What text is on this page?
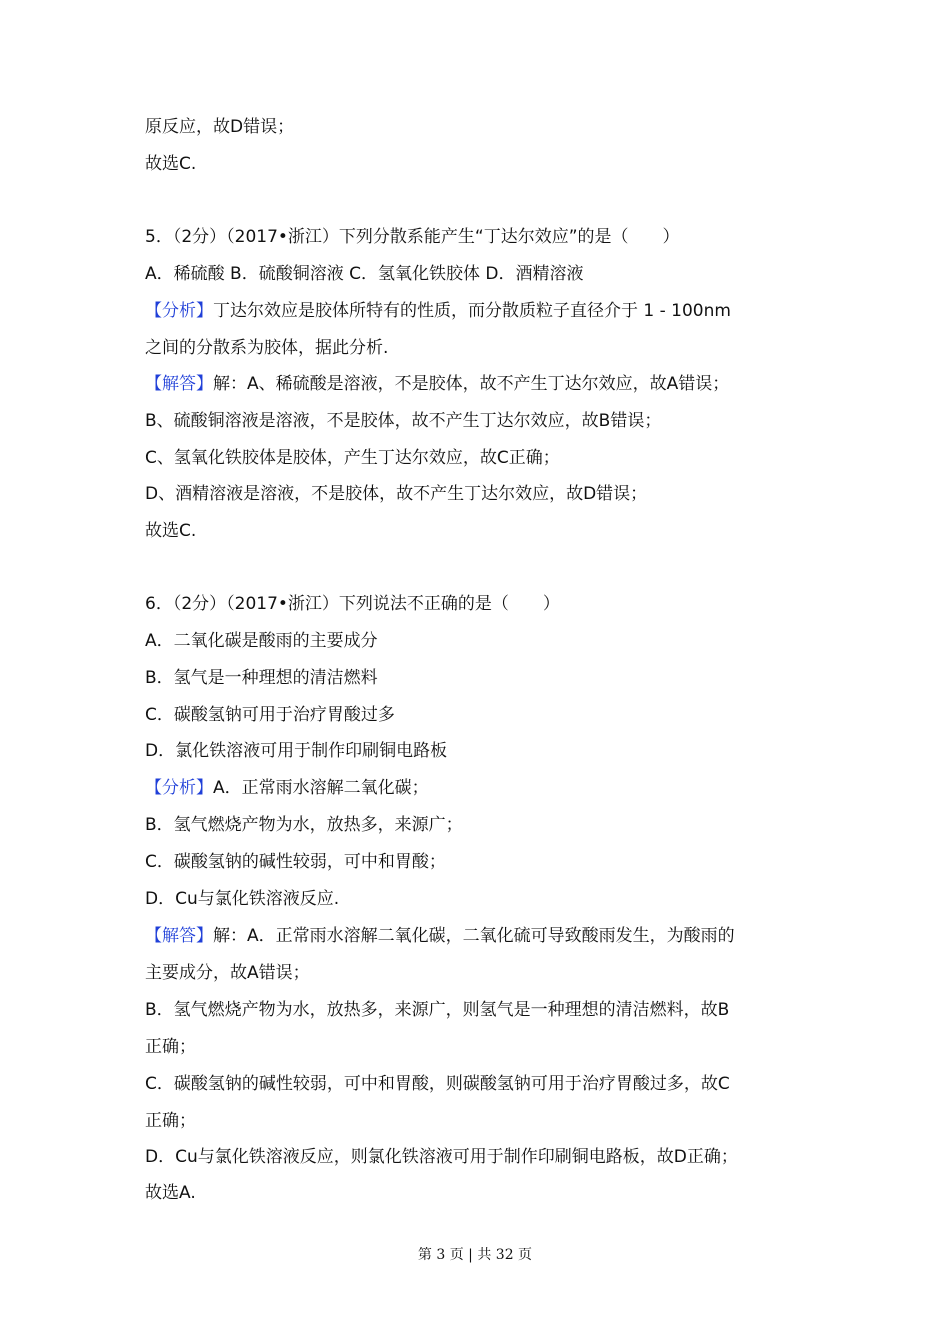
原反应，故D错误；
故选C.
5．（2分）（2017•浙江）下列分散系能产生“丁达尔效应”的是（　　）
A．稀硫酸 B．硫酸铜溶液 C．氢氧化铁胶体 D．酒精溶液
【分析】丁达尔效应是胶体所特有的性质，而分散质粒子直径介于 1 - 100nm
之间的分散系为胶体，据此分析.
【解答】解：A、稀硫酸是溶液，不是胶体，故不产生丁达尔效应，故A错误；
B、硫酸铜溶液是溶液，不是胶体，故不产生丁达尔效应，故B错误；
C、氢氧化铁胶体是胶体，产生丁达尔效应，故C正确；
D、酒精溶液是溶液，不是胶体，故不产生丁达尔效应，故D错误；
故选C.
6．（2分）（2017•浙江）下列说法不正确的是（　　）
A．二氧化碳是酸雨的主要成分
B．氢气是一种理想的清洁燃料
C．碳酸氢钠可用于治疗胃酸过多
D．氯化铁溶液可用于制作印刷铜电路板
【分析】A．正常雨水溶解二氧化碳；
B．氢气燃烧产物为水，放热多，来源广；
C．碳酸氢钠的碱性较弱，可中和胃酸；
D．Cu与氯化铁溶液反应.
【解答】解：A．正常雨水溶解二氧化碳，二氧化硫可导致酸雨发生，为酸雨的
主要成分，故A错误；
B．氢气燃烧产物为水，放热多，来源广，则氢气是一种理想的清洁燃料，故B
正确；
C．碳酸氢钠的碱性较弱，可中和胃酸，则碳酸氢钠可用于治疗胃酸过多，故C
正确；
D．Cu与氯化铁溶液反应，则氯化铁溶液可用于制作印刷铜电路板，故D正确；
故选A.
第 3 页 | 共 32 页
